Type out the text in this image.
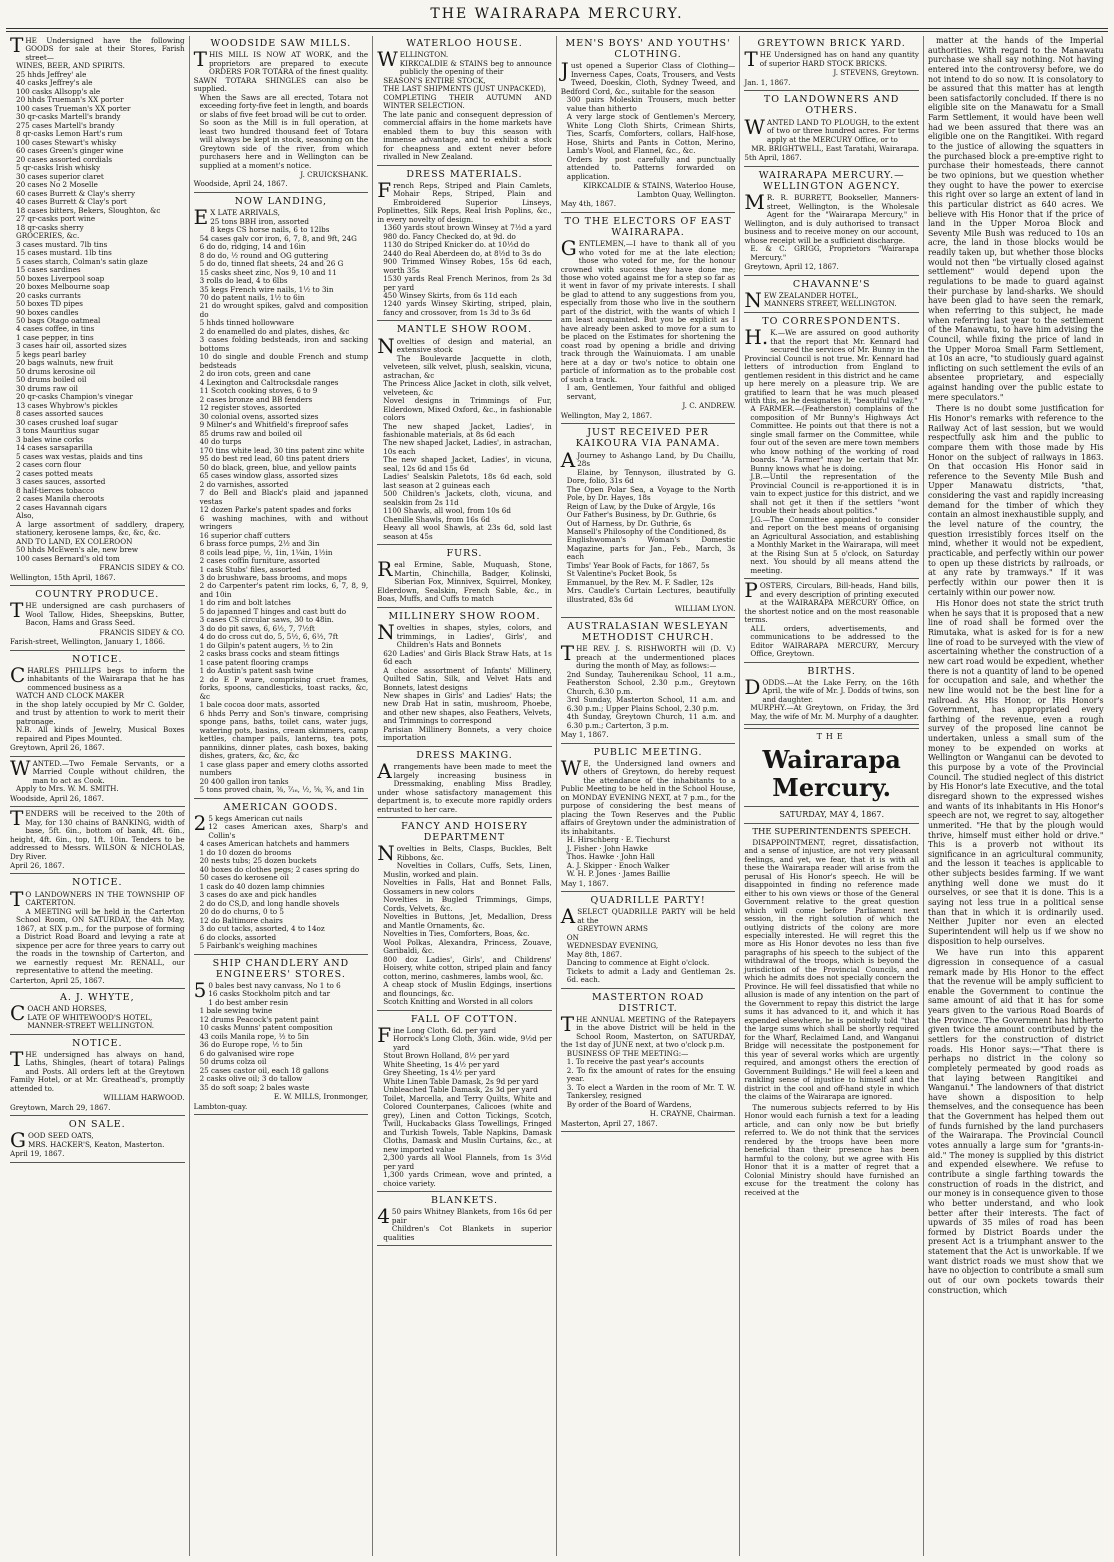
THE WAIRARAPA MERCURY.

THE Undersigned have the following GOODS for sale at their Stores, Farish street—

WINES, BEER, AND SPIRITS.

25 hhds Jeffrey' ale

40 casks Jeffrey's ale

100 casks Allsopp's ale

20 hhds Trueman's XX porter

100 cases Trueman's XX porter

30 qr-casks Martell's brandy

275 cases Martell's brandy

8 qr-casks Lemon Hart's rum

100 cases Stewart's whisky

60 cases Green's ginger wine

20 cases assorted cordials

5 qr-casks Irish whisky

30 cases superior claret

20 cases No 2 Moselle

60 cases Burrett & Clay's sherry

40 cases Burrett & Clay's port

18 cases bitters, Bekers, Sloughton, &c

27 qr-casks port wine

18 qr-casks sherry

GROCERIES, &c.

3 cases mustard. 7lb tins

15 cases mustard. 1lb tins

5 cases starch, Colman's satin glaze

15 cases sardines

50 boxes Liverpool soap

20 boxes Melbourne soap

20 casks currants

50 boxes TD pipes

90 boxes candles

50 bags Otago oatmeal

4 cases coffee, in tins

1 case pepper, in tins

3 cases hair oil, assorted sizes

5 kegs pearl barley

20 bags walnuts, new fruit

50 drums kerosine oil

50 drums boiled oil

30 drums raw oil

20 qr-casks Champion's vinegar

13 cases Whybrow's pickles

8 cases assorted sauces

30 cases crushed loaf sugar

3 tons Mauritius sugar

3 bales wine corks

14 cases sarsaparilla

5 cases wax vestas, plaids and tins

2 cases corn flour

2 cases potted meats

3 cases sauces, assorted

8 half-tierces tobacco

2 cases Manila cheroots

2 cases Havannah cigars

Also,

A large assortment of saddlery, drapery, stationery, kerosene lamps, &c, &c, &c.

AND TO LAND, EX COLEROON

50 hhds McEwen's ale, new brew

100 cases Bernard's old tom

FRANCIS SIDEY & CO.
Wellington, 15th April, 1867.
COUNTRY PRODUCE.

THE undersigned are cash purchasers of Wool Tallow, Hides, Sheepskins, Butter, Bacon, Hams and Grass Seed.

FRANCIS SIDEY & CO.
Farish-street, Wellington, January 1, 1866.
NOTICE.

CHARLES PHILLIPS begs to inform the inhabitants of the Wairarapa that he has commenced business as a

WATCH AND CLOCK MAKER

in the shop lately occupied by Mr C. Golder, and trust by attention to work to merit their patronage.

N.B. All kinds of Jewelry, Musical Boxes repaired and Pipes Mounted.

Greytown, April 26, 1867.

WANTED.—Two Female Servants, or a Married Couple without children, the man to act as Cook.

Apply to Mrs. W. M. SMITH.

Woodside, April 26, 1867.

TENDERS will be received to the 20th of May, for 130 chains of BANKING, width of base, 5ft. 6in., bottom of bank, 4ft. 6in., height, 4ft. 6in., top, 1ft. 10in. Tenders to be addressed to Messrs. WILSON & NICHOLAS, Dry River.

April 26, 1867.
NOTICE.

TO LANDOWNERS IN THE TOWNSHIP OF CARTERTON.

A MEETING will be held in the Carterton School Room, ON SATURDAY, the 4th May, 1867, at SIX p.m., for the purpose of forming a District Road Board and levying a rate at sixpence per acre for three years to carry out the roads in the township of Carterton, and we earnestly request Mr. RENALL, our representative to attend the meeting.

Carterton, April 25, 1867.
A. J. WHYTE,

COACH AND HORSES,

LATE OF WHITEWOOD'S HOTEL,

MANNER-STREET WELLINGTON.

NOTICE.

THE undersigned has always on hand, Laths, Shingles, (heart of totara) Palings and Posts. All orders left at the Greytown Family Hotel, or at Mr. Greathead's, promptly attended to.

WILLIAM HARWOOD.
Greytown, March 29, 1867.
ON SALE.

GOOD SEED OATS,

MRS. HACKER'S, Keaton, Masterton.

April 19, 1867.
WOODSIDE SAW MILLS.

THIS MILL IS NOW AT WORK, and the proprietors are prepared to execute ORDERS FOR TOTARA of the finest quality. SAWN TOTARA SHINGLES can also be supplied.

When the Saws are all erected, Totara not exceeding forty-five feet in length, and boards or slabs of five feet broad will be cut to order.

So soon as the Mill is in full operation, at least two hundred thousand feet of Totara will always be kept in stock, seasoning on the Greytown side of the river, from which purchasers here and in Wellington can be supplied at a moment's notice.

J. CRUICKSHANK.
Woodside, April 24, 1867.
NOW LANDING,

EX LATE ARRIVALS,

25 tons BBH iron, assorted

8 kegs CS horse nails, 6 to 12lbs

54 cases galv cor iron, 6, 7, 8, and 9ft, 24G

6 do do, ridging, 14 and 16in

8 do do, ½ round and OG guttering

5 do do, tinned flat sheets, 24 and 26 G

15 casks sheet zinc, Nos 9, 10 and 11

3 rolls do lead, 4 to 6lbs

35 kegs French wire nails, 1½ to 3in

70 do patent nails, 1½ to 6in

21 do wrought spikes, galvd and composition do

5 hhds tinned hollowware

2 do enamelled do and plates, dishes, &c

3 cases folding bedsteads, iron and sacking bottoms

10 do single and double French and stump bedsteads

2 do iron cots, green and cane

4 Lexington and Caltrocksdale ranges

11 Scotch cooking stoves, 6 to 9

2 cases bronze and BB fenders

12 register stoves, assorted

30 colonial ovens, assorted sizes

9 Milner's and Whitfield's fireproof safes

85 drums raw and boiled oil

40 do turps

170 tins white lead, 30 tins patent zinc white

95 do best red lead, 60 tins patent driers

50 do black, green, blue, and yellow paints

65 cases window glass, assorted sizes

2 do varnishes, assorted

7 do Bell and Black's plaid and japanned vestas

12 dozen Parke's patent spades and forks

6 washing machines, with and without wringers

16 superior chaff cutters

6 brass force pumps, 2½ and 3in

8 coils lead pipe, ½, 1in, 1¼in, 1½in

2 cases coffin furniture, assorted

1 cask Stubs' files, assorted

3 do brushware, bass brooms, and mops

2 do Carpenter's patent rim locks, 6, 7, 8, 9, and 10in

1 do rim and bolt latches

5 do japanned T hinges and cast butt do

3 cases CS circular saws, 30 to 48in.

3 do do pit saws, 6, 6½, 7, 7½ft

4 do do cross cut do, 5, 5½, 6, 6½, 7ft

1 do Gilpin's patent augers, ½ to 2in

2 casks brass cocks and steam fittings

1 case patent flooring cramps

1 do Austin's patent sash twine

2 do E P ware, comprising cruet frames, forks, spoons, candlesticks, toast racks, &c, &c

1 bale cocoa door mats, assorted

6 hhds Perry and Son's tinware, comprising sponge pans, baths, toilet cans, water jugs, watering pots, basins, cream skimmers, camp kettles, champer pails, lanterns, tea pots, pannikins, dinner plates, cash boxes, baking dishes, graters, &c, &c, &c

1 case glass paper and emery cloths assorted numbers

20 400 gallon iron tanks

5 tons proved chain, ⅜, ⁷⁄₁₆, ½, ⅝, ¾, and 1in

AMERICAN GOODS.

25 kegs American cut nails

12 cases American axes, Sharp's and Collin's

4 cases American hatchets and hammers

1 do 10 dozen do brooms

20 nests tubs; 25 dozen buckets

40 boxes do clothes pegs; 2 cases spring do

50 cases do kerosene oil

1 cask do 40 dozen lamp chimnies

3 cases do axe and pick handles

2 do do CS,D, and long handle shovels

20 do do churns, 0 to 5

12 do Baltimore chairs

3 do cut tacks, assorted, 4 to 14oz

6 do clocks, assorted

5 Fairbank's weighing machines

SHIP CHANDLERY AND ENGINEERS' STORES.

50 bales best navy canvass, No 1 to 6

16 casks Stockholm pitch and tar

1 do best amber resin

1 bale sewing twine

12 drums Peacock's patent paint

10 casks Munns' patent composition

43 coils Manila rope, ½ to 5in

36 do Europe rope, ½ to 5in

6 do galvanised wire rope

50 drums colza oil

25 cases castor oil, each 18 gallons

2 casks olive oil; 3 do tallow

35 do soft soap; 2 bales waste

E. W. MILLS, Ironmonger,
Lambton-quay.
WATERLOO HOUSE.

WELLINGTON.

KIRKCALDIE & STAINS beg to announce publicly the opening of their

SEASON'S ENTIRE STOCK,

THE LAST SHIPMENTS (JUST UNPACKED),

COMPLETING THEIR AUTUMN AND WINTER SELECTION.

The late panic and consequent depression of commercial affairs in the home markets have enabled them to buy this season with immense advantage, and to exhibit a stock for cheapness and extent never before rivalled in New Zealand.

DRESS MATERIALS.

French Reps, Striped and Plain Camlets, Mohair Reps, Striped, Plain and Embroidered Superior Linseys, Poplinettes, Silk Reps, Real Irish Poplins, &c., in every novelty of design.

1360 yards stout brown Winsey at 7½d a yard

980 do. Fancy Checked do, at 9d. do

1130 do Striped Knicker do. at 10½d do

2440 do Real Aberdeen do, at 8½d to 3s do

900 Trimmed Winsey Robes, 15s 6d each, worth 35s

1530 yards Real French Merinos, from 2s 3d per yard

450 Winsey Skirts, from 6s 11d each

1240 yards Winsey Skirting, striped, plain, fancy and crossover, from 1s 3d to 3s 6d

MANTLE SHOW ROOM.

Novelties of design and material, an extensive stock

The Boulevarde Jacquette in cloth, velveteen, silk velvet, plush, sealskin, vicuna, astrachan, &c

The Princess Alice Jacket in cloth, silk velvet, velveteen, &c

Novel designs in Trimmings of Fur, Elderdown, Mixed Oxford, &c., in fashionable colors

The new shaped Jacket, Ladies', in fashionable materials, at 8s 6d each

The new shaped Jacket, Ladies', in astrachan, 10s each

The new shaped Jacket, Ladies', in vicuna, seal, 12s 6d and 15s 6d

Ladies' Sealskin Paletots, 18s 6d each, sold last season at 2 guineas each

500 Children's Jackets, cloth, vicuna, and sealskin from 2s 11d

1100 Shawls, all wool, from 10s 6d

Chenille Shawls, from 16s 6d

Heavy all wool Shawls, at 23s 6d, sold last season at 45s

FURS.

Real Ermine, Sable, Muquash, Stone, Martin, Chinchilla, Badger, Kolinski, Siberian Fox, Minnivex, Squirrel, Monkey, Elderdown, Sealskin, French Sable, &c., in Boas, Muffs, and Cuffs to match

MILLINERY SHOW ROOM.

Novelties in shapes, styles, colors, and trimmings, in Ladies', Girls', and Children's Hats and Bonnets

620 Ladies' and Girls Black Straw Hats, at 1s 6d each

A choice assortment of Infants' Millinery, Quilted Satin, Silk, and Velvet Hats and Bonnets, latest designs

New shapes in Girls' and Ladies' Hats; the new Drab Hat in satin, mushroom, Phoebe, and other new shapes, also Feathers, Velvets, and Trimmings to correspond

Parisian Millinery Bonnets, a very choice importation

DRESS MAKING.

Arrangements have been made to meet the largely increasing business in Dressmaking, enabling Miss Bradley, under whose satisfactory management this department is, to execute more rapidly orders entrusted to her care.

FANCY AND HOISERY DEPARTMENT

Novelties in Belts, Clasps, Buckles, Belt Ribbons, &c.

Novelties in Collars, Cuffs, Sets, Linen, Muslin, worked and plain.

Novelties in Falls, Hat and Bonnet Falls, Gossamers in new colors

Novelties in Bugled Trimmings, Gimps, Cords, Velvets, &c.

Novelties in Buttons, Jet, Medallion, Dress and Mantle Ornaments, &c.

Novelties in Ties, Comforters, Boas, &c.

Wool Polkas, Alexandra, Princess, Zouave, Garibaldi, &c.

800 doz Ladies', Girls', and Childrens' Hoisery, white cotton, striped plain and fancy cotton, merino, cashmeres, lambs wool, &c.

A cheap stock of Muslin Edgings, insertions and flouncings, &c.

Scotch Knitting and Worsted in all colors

FALL OF COTTON.

Fine Long Cloth. 6d. per yard

Horrock's Long Cloth, 36in. wide, 9½d per yard

Stout Brown Holland, 8½ per yard

White Sheeting, 1s 4½ per yard

Grey Sheeting, 1s 4½ per yard

White Linen Table Damask, 2s 9d per yard

Unbleached Table Damask, 2s 3d per yard

Toilet, Marcella, and Terry Quilts, White and Colored Counterpanes, Calicoes (white and grey), Linen and Cotton Tickings, Scotch, Twill, Huckabacks Glass Towellings, Fringed and Turkish Towels, Table Napkins, Damask Cloths, Damask and Muslin Curtains, &c., at new imported value

2,300 yards all Wool Flannels, from 1s 3½d per yard

1,300 yards Crimean, wove and printed, a choice variety.

BLANKETS.

450 pairs Whitney Blankets, from 16s 6d per pair

Children's Cot Blankets in superior qualities

MEN'S BOYS' AND YOUTHS' CLOTHING.

Just opened a Superior Class of Clothing—Inverness Capes, Coats, Trousers, and Vests Tweed, Doeskin, Cloth, Sydney Tweed, and Bedford Cord, &c., suitable for the season

300 pairs Moleskin Trousers, much better value than hitherto

A very large stock of Gentlemen's Mercery, White Long Cloth Shirts, Crimean Shirts, Ties, Scarfs, Comforters, collars, Half-hose, Hose, Shirts and Pants in Cotton, Merino, Lamb's Wool, and Flannel, &c., &c.

Orders by post carefully and punctually attended to. Patterns forwarded on application.

KIRKCALDIE & STAINS, Waterloo House, Lambton Quay, Wellington.
May 4th, 1867.
TO THE ELECTORS OF EAST WAIRARAPA.

GENTLEMEN,—I have to thank all of you who voted for me at the late election; those who voted for me, for the honour crowned with success they have done me; those who voted against me for a step so far as it went in favor of my private interests. I shall be glad to attend to any suggestions from you, especially from those who live in the southern part of the district, with the wants of which I am least acquainted. But you be explicit as I have already been asked to move for a sum to be placed on the Estimates for shortening the coast road by opening a bridle and driving track through the Wainuiomata. I am unable here at a day or two's notice to obtain one particle of information as to the probable cost of such a track.

I am, Gentlemen, Your faithful and obliged servant,

J. C. ANDREW.
Wellington, May 2, 1867.
JUST RECEIVED PER KAIKOURA VIA PANAMA.

AJourney to Ashango Land, by Du Chaillu, 28s

Elaine, by Tennyson, illustrated by G. Dore, folio, 31s 6d

The Open Polar Sea, a Voyage to the North Pole, by Dr. Hayes, 18s

Reign of Law, by the Duke of Argyle, 16s

Our Father's Business, by Dr. Guthrie, 6s

Out of Harness, by Dr. Guthrie, 6s

Mansell's Philosophy of the Conditioned, 8s

Englishwoman's Woman's Domestic Magazine, parts for Jan., Feb., March, 3s each

Timbs' Year Book of Facts, for 1867, 5s

St Valentine's Pocket Book, 5s

Emmanuel, by the Rev. M. F. Sadler, 12s

Mrs. Caudle's Curtain Lectures, beautifully illustrated, 83s 6d

WILLIAM LYON.
AUSTRALASIAN WESLEYAN METHODIST CHURCH.

THE REV. J. S. RISHWORTH will (D. V.) preach at the undermentioned places during the month of May, as follows:—

2nd Sunday, Tauherenikau School, 11 a.m., Featherston School, 2.30 p.m., Greytown Church, 6.30 p.m.

3rd Sunday, Masterton School, 11 a.m. and 6.30 p.m.; Upper Plains School, 2.30 p.m.

4th Sunday, Greytown Church, 11 a.m. and 6.30 p.m.; Carterton, 3 p.m.

May 1, 1867.
PUBLIC MEETING.

WE, the Undersigned land owners and others of Greytown, do hereby request the attendance of the inhabitants to a Public Meeting to be held in the School House, on MONDAY EVENING NEXT, at 7 p.m., for the purpose of considering the best means of placing the Town Reserves and the Public affairs of Greytown under the administration of its inhabitants.

H. Hirschberg · E. Tiechurst

J. Fisher · John Hawke

Thos. Hawke · John Hall

A. J. Skipper · Enoch Walker

W. H. P. Jones · James Baillie

May 1, 1867.
QUADRILLE PARTY!

ASELECT QUADRILLE PARTY will be held at the

GREYTOWN ARMS

ON

WEDNESDAY EVENING,

May 8th, 1867.

Dancing to commence at Eight o'clock.

Tickets to admit a Lady and Gentleman 2s. 6d. each.

MASTERTON ROAD DISTRICT.

THE ANNUAL MEETING of the Ratepayers in the above District will be held in the School Room, Masterton, on SATURDAY, the 1st day of JUNE next, at two o'clock p.m.

BUSINESS OF THE MEETING:—

1. To receive the past year's accounts

2. To fix the amount of rates for the ensuing year.

3. To elect a Warden in the room of Mr. T. W. Tankersley, resigned

By order of the Board of Wardens,

H. CRAYNE, Chairman.
Masterton, April 27, 1867.
GREYTOWN BRICK YARD.

THE Undersigned has on hand any quantity of superior HARD STOCK BRICKS.

J. STEVENS, Greytown.
Jan. 1, 1867.
TO LANDOWNERS AND OTHERS.

WANTED LAND TO PLOUGH, to the extent of two or three hundred acres. For terms apply at the MERCURY Office, or to

MR. BRIGHTWELL, East Taratahi, Wairarapa.
5th April, 1867.
WAIRARAPA MERCURY.—WELLINGTON AGENCY.

MR. R. BURRETT, Bookseller, Manners-street, Wellington, is the Wholesale Agent for the "Wairarapa Mercury," in Wellington, and is duly authorised to transact business and to receive money on our account, whose receipt will be a sufficient discharge.

E. & C. GRIGG, Proprietors "Wairarapa Mercury."

Greytown, April 12, 1867.
CHAVANNE'S

NEW ZEALANDER HOTEL,

MANNERS STREET, WELLINGTON.

TO CORRESPONDENTS.

H.K.—We are assured on good authority that the report that Mr. Kennard had secured the services of Mr. Bunny in the Provincial Council is not true. Mr. Kennard had letters of introduction from England to gentlemen resident in this district and he came up here merely on a pleasure trip. We are gratified to learn that he was much pleased with this, as he designates it, "beautiful valley."

A FARMER.—(Featherston) complains of the composition of Mr Bunny's Highways Act Committee. He points out that there is not a single small farmer on the Committee, while four out of the seven are mere town members who know nothing of the working of road boards. "A Farmer" may be certain that Mr. Bunny knows what he is doing.

J.B.—Until the representation of the Provincial Council is re-apportioned it is in vain to expect justice for this district, and we shall not get it then if the settlers "wont trouble their heads about politics."

J.G.—The Committee appointed to consider and report on the best means of organising an Agricultural Association, and establishing a Monthly Market in the Wairarapa, will meet at the Rising Sun at 5 o'clock, on Saturday next. You should by all means attend the meeting.

POSTERS, Circulars, Bill-heads, Hand bills, and every description of printing executed at the WAIRARAPA MERCURY Office, on the shortest notice and on the most reasonable terms.

ALL orders, advertisements, and communications to be addressed to the Editor WAIRARAPA MERCURY, Mercury Office, Greytown.

BIRTHS.

DODDS.—At the Lake Ferry, on the 16th April, the wife of Mr. J. Dodds of twins, son and daughter.

MURPHY.—At Greytown, on Friday, the 3rd May, the wife of Mr. M. Murphy of a daughter.

THE
Wairarapa Mercury.
SATURDAY, MAY 4, 1867.
THE SUPERINTENDENTS SPEECH.

DISAPPOINTMENT, regret, dissatisfaction, and a sense of injustice, are not very pleasant feelings, and yet, we fear, that it is with all these the Wairarapa reader will arise from the perusal of His Honor's speech. He will be disappointed in finding no reference made either to his own views or those of the General Government relative to the great question which will come before Parliament next session, in the right solution of which the outlying districts of the colony are more especially interested. He will regret this the more as His Honor devotes no less than five paragraphs of his speech to the subject of the withdrawal of the troops, which is beyond the jurisdiction of the Provincial Councils, and which he admits does not specially concern the Province. He will feel dissatisfied that while no allusion is made of any intention on the part of the Government to repay this district the large sums it has advanced to it, and which it has expended elsewhere, he is pointedly told "that the large sums which shall be shortly required for the Wharf, Reclaimed Land, and Wanganui Bridge will necessitate the postponement for this year of several works which are urgently required, and amongst others the erection of Government Buildings." He will feel a keen and rankling sense of injustice to himself and the district in the cool and off-hand style in which the claims of the Wairarapa are ignored.

The numerous subjects referred to by His Honor would each furnish a text for a leading article, and can only now be but briefly referred to. We do not think that the services rendered by the troops have been more beneficial than their presence has been harmful to the colony, but we agree with His Honor that it is a matter of regret that a Colonial Ministry should have furnished an excuse for the treatment the colony has received at the

matter at the hands of the Imperial authorities. With regard to the Manawatu purchase we shall say nothing. Not having entered into the controversy before, we do not intend to do so now. It is consolatory to be assured that this matter has at length been satisfactorily concluded. If there is no eligible site on the Manawatu for a Small Farm Settlement, it would have been well had we been assured that there was an eligible one on the Rangitikei. With regard to the justice of allowing the squatters in the purchased block a pre-emptive right to purchase their homesteads, there cannot be two opinions, but we question whether they ought to have the power to exercise this right over so large an extent of land in this particular district as 640 acres. We believe with His Honor that if the price of land in the Upper Moroa Block and Seventy Mile Bush was reduced to 10s an acre, the land in those blocks would be readily taken up, but whether those blocks would not then "be virtually closed against settlement" would depend upon the regulations to be made to guard against their purchase by land-sharks. We should have been glad to have seen the remark, when referring to this subject, he made when referring last year to the settlement of the Manawatu, to have him advising the Council, while fixing the price of land in the Upper Moroa Small Farm Settlement, at 10s an acre, "to studiously guard against inflicting on such settlement the evils of an absentee proprietary, and especially against handing over the public estate to mere speculators."

There is no doubt some justification for His Honor's remarks with reference to the Railway Act of last session, but we would respectfully ask him and the public to compare them with those made by His Honor on the subject of railways in 1863. On that occasion His Honor said in reference to the Seventy Mile Bush and Upper Manawatu districts, "that, considering the vast and rapidly increasing demand for the timber of which they contain an almost inexhaustible supply, and the level nature of the country, the question irresistibly forces itself on the mind, whether it would not be expedient, practicable, and perfectly within our power to open up these districts by railroads, or at any rate by tramways." If it was perfectly within our power then it is certainly within our power now.

His Honor does not state the strict truth when he says that it is proposed that a new line of road shall be formed over the Rimutaka, what is asked for is for a new line of road to be surveyed with the view of ascertaining whether the construction of a new cart road would be expedient, whether there is not a quantity of land to be opened for occupation and sale, and whether the new line would not be the best line for a railroad. As His Honor, or His Honor's Government, has appropriated every farthing of the revenue, even a rough survey of the proposed line cannot be undertaken, unless a small sum of the money to be expended on works at Wellington or Wanganui can be devoted to this purpose by a vote of the Provincial Council. The studied neglect of this district by His Honor's late Executive, and the total disregard shown to the expressed wishes and wants of its inhabitants in His Honor's speech are not, we regret to say, altogether unmerited. "He that by the plough would thrive, himself must either hold or drive." This is a proverb not without its significance in an agricultural community, and the lesson it teaches is applicable to other subjects besides farming. If we want anything well done we must do it ourselves, or see that it is done. This is a saying not less true in a political sense than that in which it is ordinarily used. Neither Jupiter nor even an elected Superintendent will help us if we show no disposition to help ourselves.

We have run into this apparent digression in consequence of a casual remark made by His Honor to the effect that the revenue will be amply sufficient to enable the Government to continue the same amount of aid that it has for some years given to the various Road Boards of the Province. The Government has hitherto given twice the amount contributed by the settlers for the construction of district roads. His Honor says:—"That there is perhaps no district in the colony so completely permeated by good roads as that laying between Rangitikei and Wanganui." The landowners of that district have shown a disposition to help themselves, and the consequence has been that the Government has helped them out of funds furnished by the land purchasers of the Wairarapa. The Provincial Council votes annually a large sum for "grants-in-aid." The money is supplied by this district and expended elsewhere. We refuse to contribute a single farthing towards the construction of roads in the district, and our money is in consequence given to those who better understand, and who look better after their interests. The fact of upwards of 35 miles of road has been formed by District Boards under the present Act is a triumphant answer to the statement that the Act is unworkable. If we want district roads we must show that we have no objection to contribute a small sum out of our own pockets towards their construction, which
